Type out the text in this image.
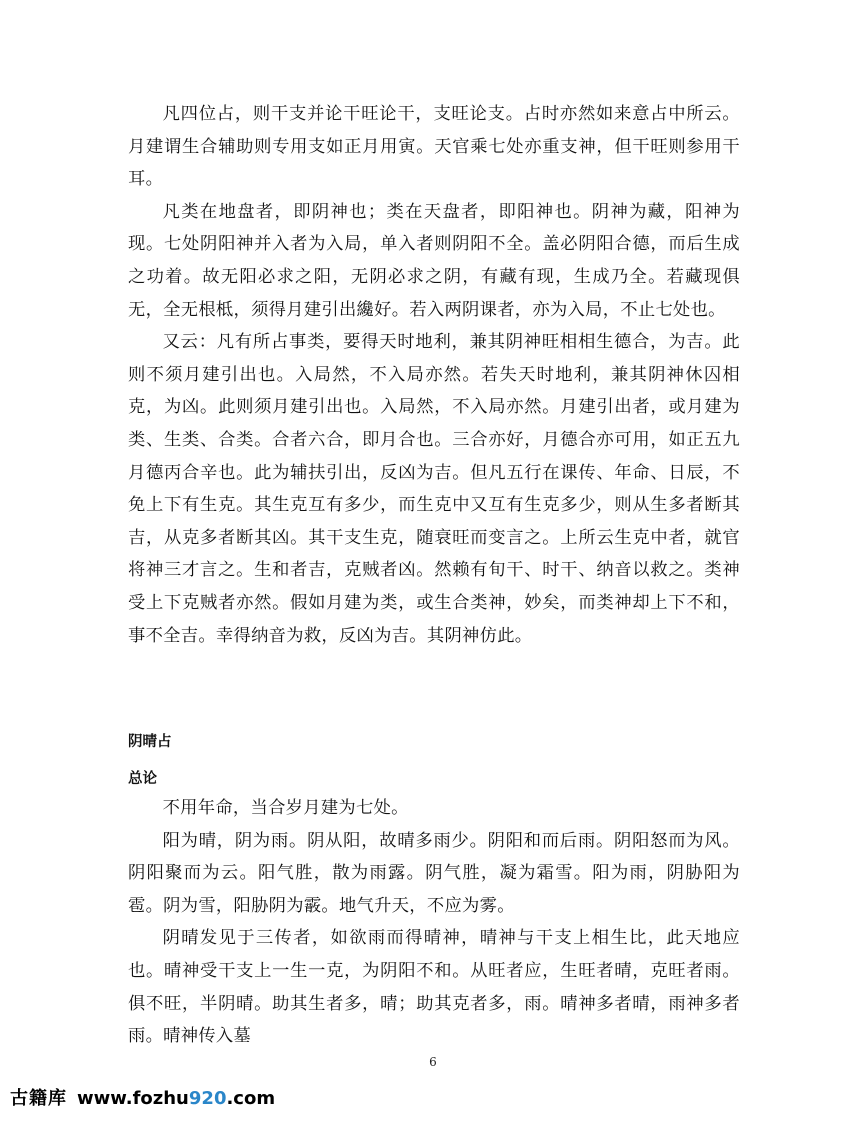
凡四位占，则干支并论干旺论干，支旺论支。占时亦然如来意占中所云。月建谓生合辅助则专用支如正月用寅。天官乘七处亦重支神，但干旺则参用干耳。

凡类在地盘者，即阴神也；类在天盘者，即阳神也。阴神为藏，阳神为现。七处阴阳神并入者为入局，单入者则阴阳不全。盖必阴阳合德，而后生成之功着。故无阳必求之阳，无阴必求之阴，有藏有现，生成乃全。若藏现俱无，全无根柢，须得月建引出纔好。若入两阴课者，亦为入局，不止七处也。

又云：凡有所占事类，要得天时地利，兼其阴神旺相相生德合，为吉。此则不须月建引出也。入局然，不入局亦然。若失天时地利，兼其阴神休囚相克，为凶。此则须月建引出也。入局然，不入局亦然。月建引出者，或月建为类、生类、合类。合者六合，即月合也。三合亦好，月德合亦可用，如正五九月德丙合辛也。此为辅扶引出，反凶为吉。但凡五行在课传、年命、日辰，不免上下有生克。其生克互有多少，而生克中又互有生克多少，则从生多者断其吉，从克多者断其凶。其干支生克，随衰旺而变言之。上所云生克中者，就官将神三才言之。生和者吉，克贼者凶。然赖有旬干、时干、纳音以救之。类神受上下克贼者亦然。假如月建为类，或生合类神，妙矣，而类神却上下不和，事不全吉。幸得纳音为救，反凶为吉。其阴神仿此。

阴晴占
总论

不用年命，当合岁月建为七处。

阳为晴，阴为雨。阴从阳，故晴多雨少。阴阳和而后雨。阴阳怒而为风。阴阳聚而为云。阳气胜，散为雨露。阴气胜，凝为霜雪。阳为雨，阴胁阳为雹。阴为雪，阳胁阴为霰。地气升天，不应为雾。

阴晴发见于三传者，如欲雨而得晴神，晴神与干支上相生比，此天地应也。晴神受干支上一生一克，为阴阳不和。从旺者应，生旺者晴，克旺者雨。俱不旺，半阴晴。助其生者多，晴；助其克者多，雨。晴神多者晴，雨神多者雨。晴神传入墓

6
古籍库 www.fozhu920.com
